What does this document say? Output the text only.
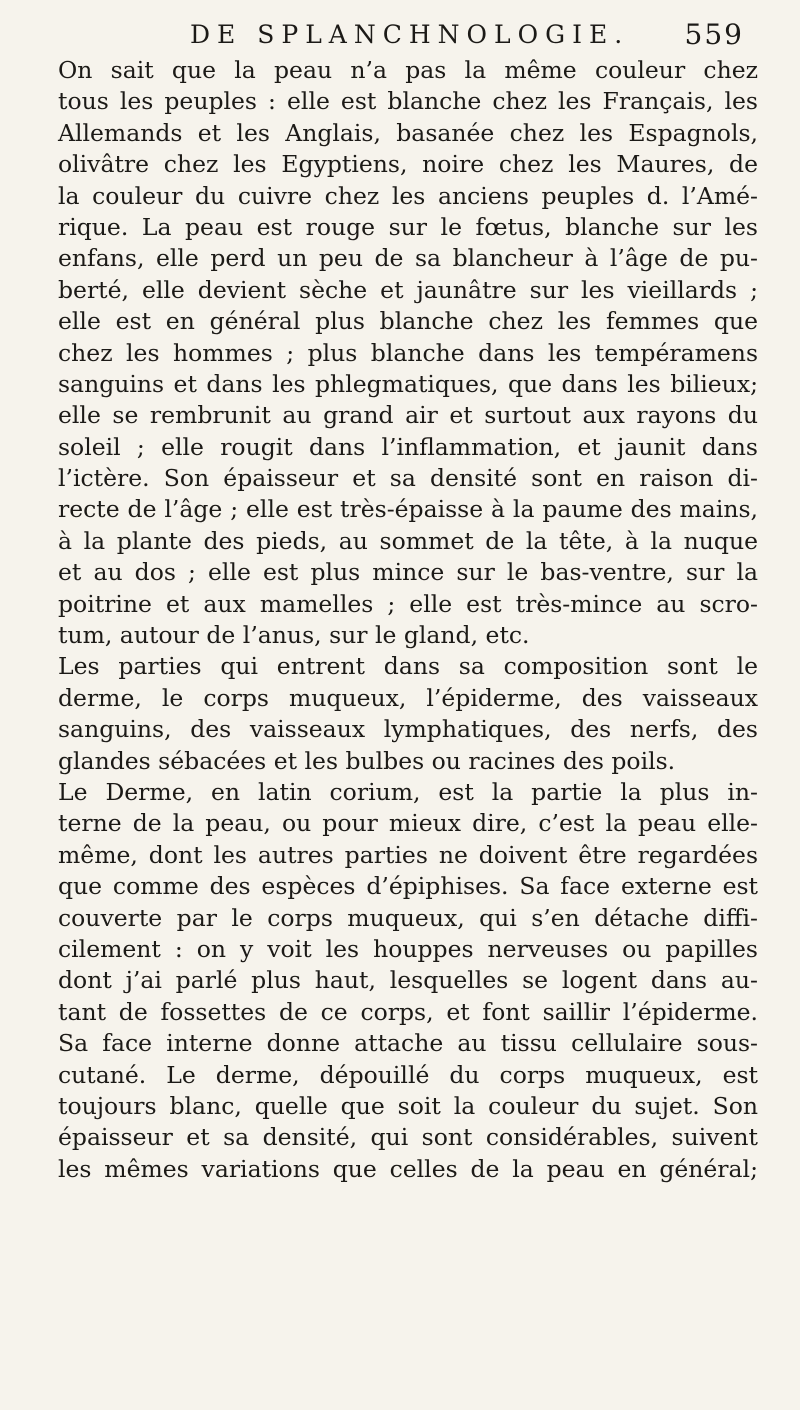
DE SPLANCHNOLOGIE. 559
On sait que la peau n’a pas la même couleur chez
tous les peuples : elle est blanche chez les Français, les
Allemands et les Anglais, basanée chez les Espagnols,
olivâtre chez les Egyptiens, noire chez les Maures, de
la couleur du cuivre chez les anciens peuples d. l’Amé-
rique. La peau est rouge sur le fœtus, blanche sur les
enfans, elle perd un peu de sa blancheur à l’âge de pu-
berté, elle devient sèche et jaunâtre sur les vieillards ;
elle est en général plus blanche chez les femmes que
chez les hommes ; plus blanche dans les tempéramens
sanguins et dans les phlegmatiques, que dans les bilieux;
elle se rembrunit au grand air et surtout aux rayons du
soleil ; elle rougit dans l’inflammation, et jaunit dans
l’ictère. Son épaisseur et sa densité sont en raison di-
recte de l’âge ; elle est très-épaisse à la paume des mains,
à la plante des pieds, au sommet de la tête, à la nuque
et au dos ; elle est plus mince sur le bas-ventre, sur la
poitrine et aux mamelles ; elle est très-mince au scro-
tum, autour de l’anus, sur le gland, etc.
Les parties qui entrent dans sa composition sont le
derme, le corps muqueux, l’épiderme, des vaisseaux
sanguins, des vaisseaux lymphatiques, des nerfs, des
glandes sébacées et les bulbes ou racines des poils.
Le Derme, en latin corium, est la partie la plus in-
terne de la peau, ou pour mieux dire, c’est la peau elle-
même, dont les autres parties ne doivent être regardées
que comme des espèces d’épiphises. Sa face externe est
couverte par le corps muqueux, qui s’en détache diffi-
cilement : on y voit les houppes nerveuses ou papilles
dont j’ai parlé plus haut, lesquelles se logent dans au-
tant de fossettes de ce corps, et font saillir l’épiderme.
Sa face interne donne attache au tissu cellulaire sous-
cutané. Le derme, dépouillé du corps muqueux, est
toujours blanc, quelle que soit la couleur du sujet. Son
épaisseur et sa densité, qui sont considérables, suivent
les mêmes variations que celles de la peau en général;
